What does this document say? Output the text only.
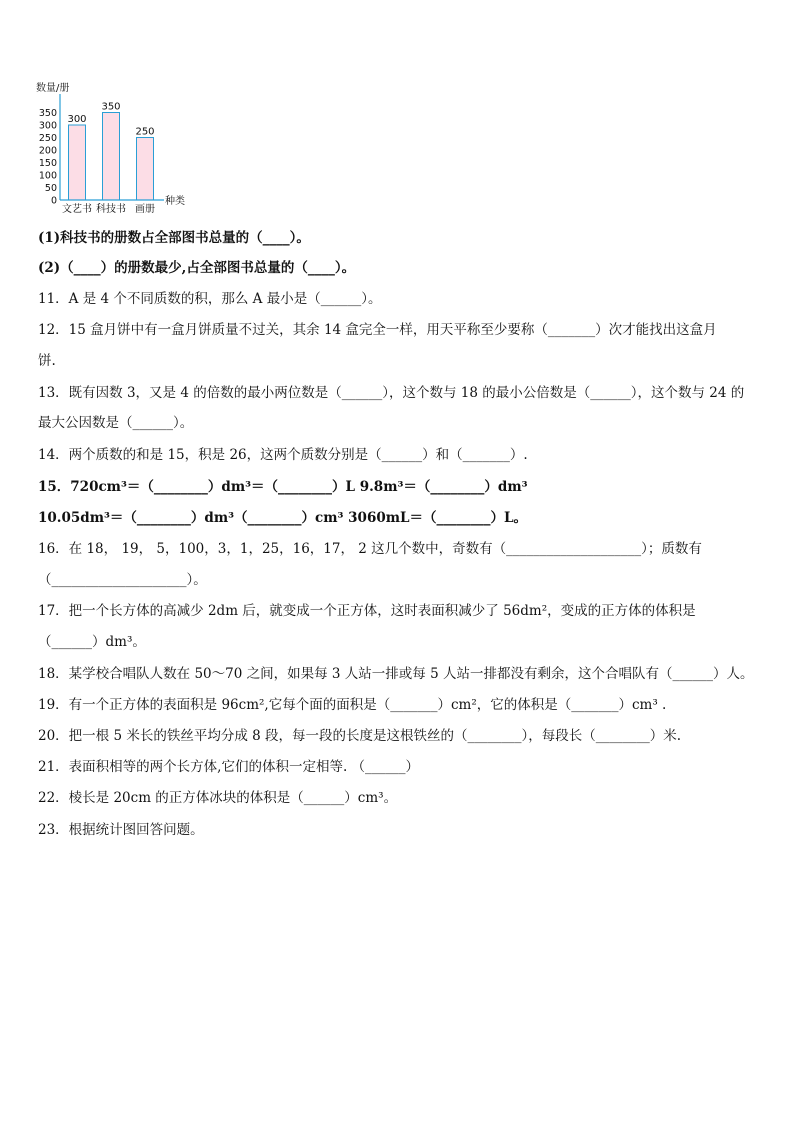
数量/册
0
50
100
150
200
250
300
350
300
350
250
种类
文艺书 科技书 画册
(1)科技书的册数占全部图书总量的（____）。
(2)（____）的册数最少,占全部图书总量的（____）。
11．A 是 4 个不同质数的积，那么 A 最小是（______）。
12．15 盒月饼中有一盒月饼质量不过关，其余 14 盒完全一样，用天平称至少要称（_______）次才能找出这盒月
饼.
13．既有因数 3，又是 4 的倍数的最小两位数是（______），这个数与 18 的最小公倍数是（______），这个数与 24 的
最大公因数是（______）。
14．两个质数的和是 15，积是 26，这两个质数分别是（______）和（_______）.
15．720cm³＝（________）dm³＝（________）L 9.8m³＝（________）dm³
10.05dm³＝（________）dm³（________）cm³ 3060mL＝（________）L。
16．在 18， 19， 5，100，3，1，25，16，17， 2 这几个数中，奇数有（____________________）；质数有
（____________________）。
17．把一个长方体的高减少 2dm 后，就变成一个正方体，这时表面积减少了 56dm²，变成的正方体的体积是
（______）dm³。
18．某学校合唱队人数在 50～70 之间，如果每 3 人站一排或每 5 人站一排都没有剩余，这个合唱队有（______）人。
19．有一个正方体的表面积是 96cm²,它每个面的面积是（_______）cm²，它的体积是（_______）cm³ .
20．把一根 5 米长的铁丝平均分成 8 段，每一段的长度是这根铁丝的（________），每段长（________）米.
21．表面积相等的两个长方体,它们的体积一定相等. （______）
22．棱长是 20cm 的正方体冰块的体积是（______）cm³。
23．根据统计图回答问题。
